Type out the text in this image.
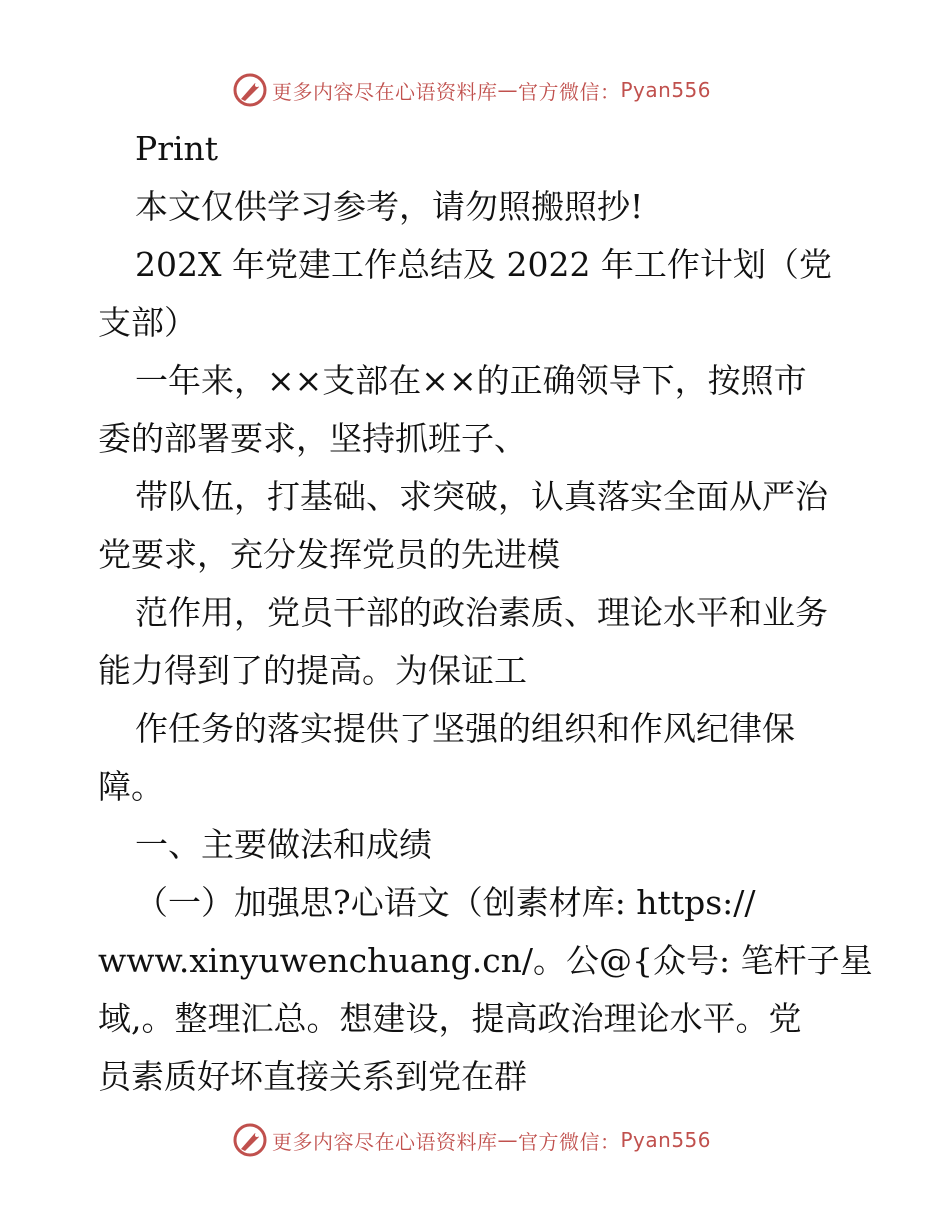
更多内容尽在心语资料库 — 官方微信： Pyan556
Print
本文仅供学习参考，请勿照搬照抄!
202X 年党建工作总结及 2022 年工作计划（党
支部）
一年来，××支部在××的正确领导下，按照市
委的部署要求，坚持抓班子、
带队伍，打基础、求突破，认真落实全面从严治
党要求，充分发挥党员的先进模
范作用，党员干部的政治素质、理论水平和业务
能力得到了的提高。为保证工
作任务的落实提供了坚强的组织和作风纪律保
障。
一、主要做法和成绩
（一）加强思?心语文（创素材库: https://
www.xinyuwenchuang.cn/。公@{众号: 笔杆子星
域,。整理汇总。想建设，提高政治理论水平。党
员素质好坏直接关系到党在群
更多内容尽在心语资料库 — 官方微信： Pyan556
